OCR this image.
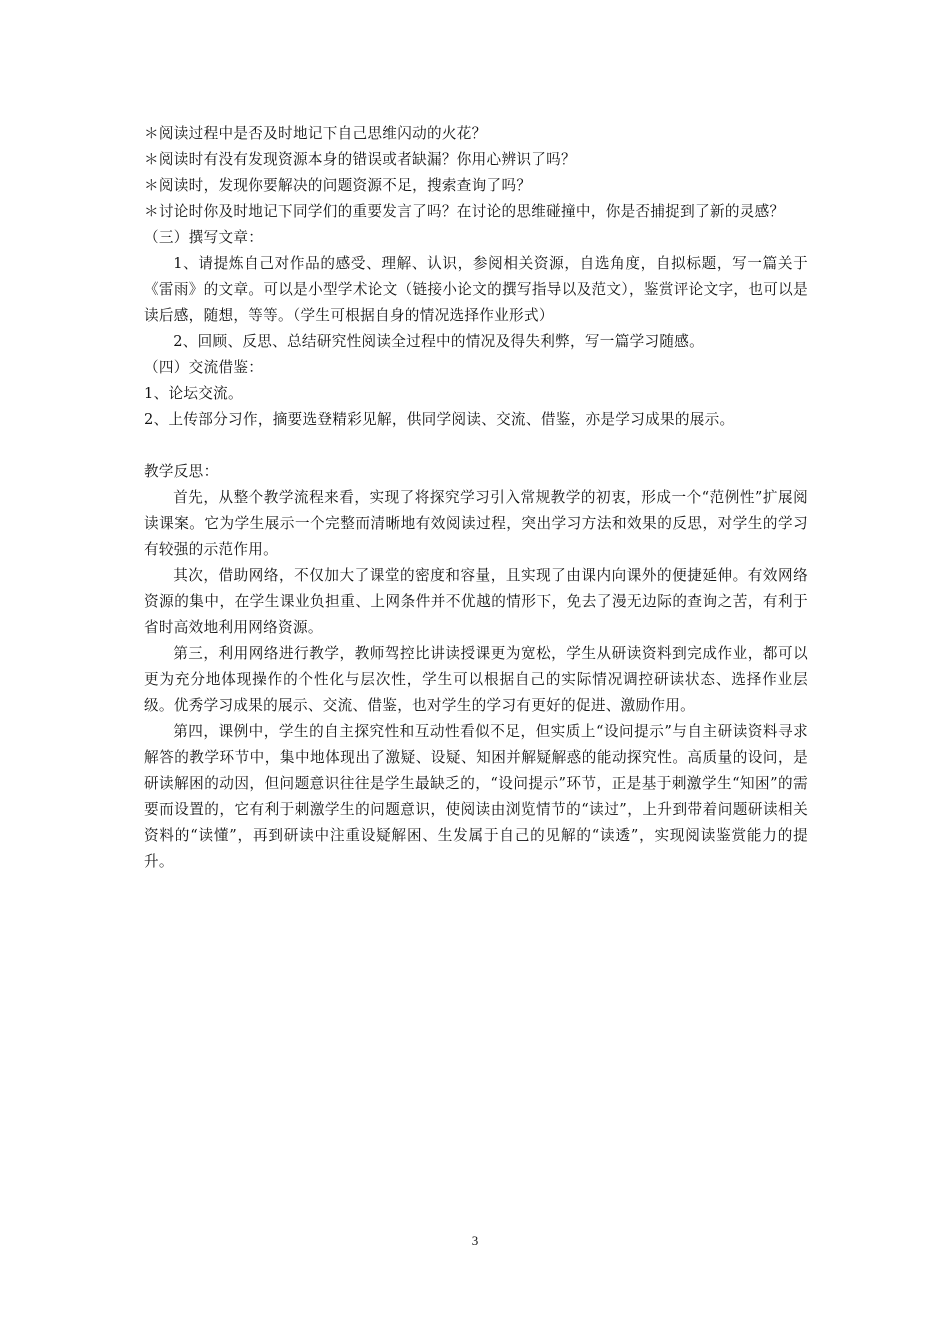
＊阅读过程中是否及时地记下自己思维闪动的火花？

＊阅读时有没有发现资源本身的错误或者缺漏？你用心辨识了吗？

＊阅读时，发现你要解决的问题资源不足，搜索查询了吗？

＊讨论时你及时地记下同学们的重要发言了吗？在讨论的思维碰撞中，你是否捕捉到了新的灵感？

（三）撰写文章：

1、请提炼自己对作品的感受、理解、认识，参阅相关资源，自选角度，自拟标题，写一篇关于《雷雨》的文章。可以是小型学术论文（链接小论文的撰写指导以及范文），鉴赏评论文字，也可以是读后感，随想，等等。（学生可根据自身的情况选择作业形式）

2、回顾、反思、总结研究性阅读全过程中的情况及得失利弊，写一篇学习随感。

（四）交流借鉴：

1、论坛交流。

2、上传部分习作，摘要选登精彩见解，供同学阅读、交流、借鉴，亦是学习成果的展示。

教学反思：

首先，从整个教学流程来看，实现了将探究学习引入常规教学的初衷，形成一个“范例性”扩展阅读课案。它为学生展示一个完整而清晰地有效阅读过程，突出学习方法和效果的反思，对学生的学习有较强的示范作用。

其次，借助网络，不仅加大了课堂的密度和容量，且实现了由课内向课外的便捷延伸。有效网络资源的集中，在学生课业负担重、上网条件并不优越的情形下，免去了漫无边际的查询之苦，有利于省时高效地利用网络资源。

第三，利用网络进行教学，教师驾控比讲读授课更为宽松，学生从研读资料到完成作业，都可以更为充分地体现操作的个性化与层次性，学生可以根据自己的实际情况调控研读状态、选择作业层级。优秀学习成果的展示、交流、借鉴，也对学生的学习有更好的促进、激励作用。

第四，课例中，学生的自主探究性和互动性看似不足，但实质上“设问提示”与自主研读资料寻求解答的教学环节中，集中地体现出了激疑、设疑、知困并解疑解惑的能动探究性。高质量的设问，是研读解困的动因，但问题意识往往是学生最缺乏的，“设问提示”环节，正是基于刺激学生“知困”的需要而设置的，它有利于刺激学生的问题意识，使阅读由浏览情节的“读过”，上升到带着问题研读相关资料的“读懂”，再到研读中注重设疑解困、生发属于自己的见解的“读透”，实现阅读鉴赏能力的提升。

3
